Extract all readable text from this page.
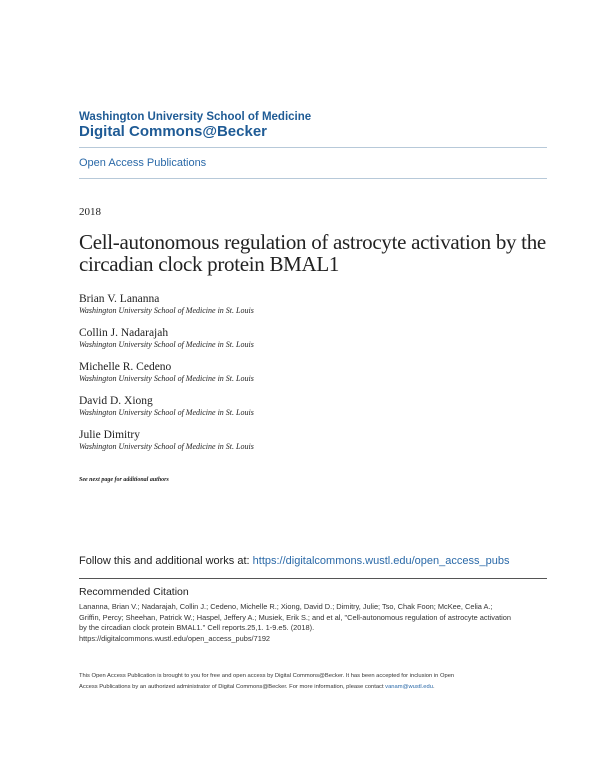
Washington University School of Medicine
Digital Commons@Becker
Open Access Publications
2018
Cell-autonomous regulation of astrocyte activation by the circadian clock protein BMAL1
Brian V. Lananna
Washington University School of Medicine in St. Louis
Collin J. Nadarajah
Washington University School of Medicine in St. Louis
Michelle R. Cedeno
Washington University School of Medicine in St. Louis
David D. Xiong
Washington University School of Medicine in St. Louis
Julie Dimitry
Washington University School of Medicine in St. Louis
See next page for additional authors
Follow this and additional works at: https://digitalcommons.wustl.edu/open_access_pubs
Recommended Citation
Lananna, Brian V.; Nadarajah, Collin J.; Cedeno, Michelle R.; Xiong, David D.; Dimitry, Julie; Tso, Chak Foon; McKee, Celia A.;
Griffin, Percy; Sheehan, Patrick W.; Haspel, Jeffery A.; Musiek, Erik S.; and et al, "Cell-autonomous regulation of astrocyte activation
by the circadian clock protein BMAL1." Cell reports.25,1. 1-9.e5. (2018).
https://digitalcommons.wustl.edu/open_access_pubs/7192
This Open Access Publication is brought to you for free and open access by Digital Commons@Becker. It has been accepted for inclusion in Open
Access Publications by an authorized administrator of Digital Commons@Becker. For more information, please contact vanam@wustl.edu.
